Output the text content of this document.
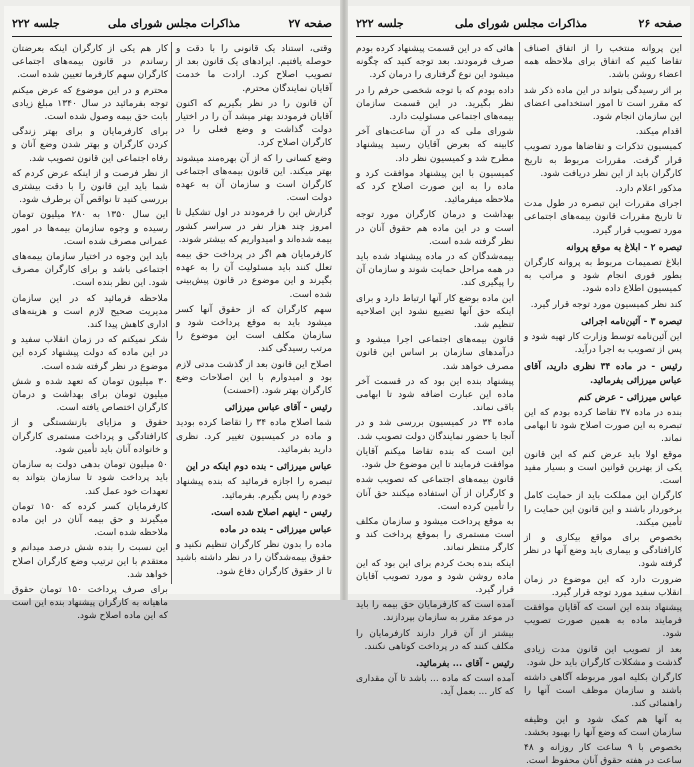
صفحه ۲۷
مذاکرات مجلس شورای ملی
جلسه ۲۲۲

وقتی، استناد یک قانونی را با دقت و حوصله یافتیم. ایرادهای یک قانون بعد از تصویب اصلاح کرد. ارادت ما خدمت آقایان نمایندگان محترم.

آن قانون را در نظر بگیریم که اکنون آقایان فرمودند بهتر میشد آن را در اختیار دولت گذاشت و وضع فعلی را در کارگران اصلاح کرد.

وضع کسانی را که از آن بهره‌مند میشوند بهتر میکند. این قانون بیمه‌های اجتماعی کارگران است و سازمان آن به عهده دولت است.

گزارش این را فرمودند در اول تشکیل تا امروز چند هزار نفر در سراسر کشور بیمه شده‌اند و امیدواریم که بیشتر شوند.

کارفرمایان هم اگر در پرداخت حق بیمه تعلل کنند باید مسئولیت آن را به عهده بگیرند و این موضوع در قانون پیش‌بینی شده است.

سهم کارگران که از حقوق آنها کسر میشود باید به موقع پرداخت شود و سازمان مکلف است این موضوع را مرتب رسیدگی کند.

اصلاح این قانون بعد از گذشت مدتی لازم بود و امیدوارم با این اصلاحات وضع کارگران بهتر شود. (احسنت)

رئیس - آقای عباس میرزائی

شما اصلاح ماده ۳۴ را تقاضا کرده بودید و ماده در کمیسیون تغییر کرد. نظری دارید بفرمائید.

عباس میرزائی - بنده دوم اینکه در این

تبصره را اجازه فرمائید که بنده پیشنهاد خودم را پس بگیرم. بفرمائید.

رئیس - اینهم اصلاح شده است.

عباس میرزائی - بنده در ماده

ماده را بدون نظر کارگران تنظیم نکنید و حقوق بیمه‌شدگان را در نظر داشته باشید تا از حقوق کارگران دفاع شود.

کار هم یکی از کارگران اینکه بعرضتان رساندم در قانون بیمه‌های اجتماعی کارگران سهم کارفرما تعیین شده است.

محترم و در این موضوع که عرض میکنم توجه بفرمائید در سال ۱۳۴۰ مبلغ زیادی بابت حق بیمه وصول شده است.

برای کارفرمایان و برای بهتر زندگی کردن کارگران و بهتر شدن وضع آنان و رفاه اجتماعی این قانون تصویب شد.

از نظر فرصت و از اینکه عرض کردم که شما باید این قانون را با دقت بیشتری بررسی کنید تا نواقص آن برطرف شود.

این سال ۱۳۵۰ به ۲۸۰ میلیون تومان رسیده و وجوه سازمان بیمه‌ها در امور عمرانی مصرف شده است.

باید این وجوه در اختیار سازمان بیمه‌های اجتماعی باشد و برای کارگران مصرف شود. این نظر بنده است.

ملاحظه فرمائید که در این سازمان مدیریت صحیح لازم است و هزینه‌های اداری کاهش پیدا کند.

شکر نمیکنم که در زمان انقلاب سفید و در این ماده که دولت پیشنهاد کرده این موضوع در نظر گرفته شده است.

۳۰ میلیون تومان که تعهد شده و شش میلیون تومان برای بهداشت و درمان کارگران اختصاص یافته است.

حقوق و مزایای بازنشستگی و از کارافتادگی و پرداخت مستمری کارگران و خانواده آنان باید تأمین شود.

۵۰ میلیون تومان بدهی دولت به سازمان باید پرداخت شود تا سازمان بتواند به تعهدات خود عمل کند.

کارفرمایان کسر کرده که ۱۵۰ تومان میگیرند و حق بیمه آنان در این ماده ملاحظه شده است.

این نسبت را بنده شش درصد میدانم و معتقدم با این ترتیب وضع کارگران اصلاح خواهد شد.

برای صرف پرداخت ۱۵۰ تومان حقوق ماهیانه به کارگران پیشنهاد بنده این است که این ماده اصلاح شود.

صفحه ۲۶
مذاکرات مجلس شورای ملی
جلسه ۲۲۲

این پروانه منتخب را از اتفاق اصناف تقاضا کنیم که اتفاق برای ملاحظه همه اعضاء روشن باشد.

بر اثر رسیدگی بتواند در این ماده ذکر شد که مقرر است تا امور استخدامی اعضای این سازمان انجام شود.

اقدام میکند.

کمیسیون تذکرات و تقاضاها مورد تصویب قرار گرفت. مقررات مربوط به تاریخ کارگران باید از این نظر دریافت شود.

مذکور اعلام دارد.

اجرای مقررات این تبصره در طول مدت تا تاریخ مقررات قانون بیمه‌های اجتماعی مورد تصویب قرار گیرد.

تبصره ۲ - ابلاغ به موقع پروانه

ابلاغ تصمیمات مربوط به پروانه کارگران بطور فوری انجام شود و مراتب به کمیسیون اطلاع داده شود.

کند نظر کمیسیون مورد توجه قرار گیرد.

تبصره ۳ - آئین‌نامه اجرائی

این آئین‌نامه توسط وزارت کار تهیه شود و پس از تصویب به اجرا درآید.

رئیس - در ماده ۳۴ نظری دارید، آقای عباس میرزائی بفرمائید.

عباس میرزائی - عرض کنم

بنده در ماده ۳۷ تقاضا کرده بودم که این تبصره به این صورت اصلاح شود تا ابهامی نماند.

موقع اولا باید عرض کنم که این قانون یکی از بهترین قوانین است و بسیار مفید است.

کارگران این مملکت باید از حمایت کامل برخوردار باشند و این قانون این حمایت را تأمین میکند.

بخصوص برای مواقع بیکاری و از کارافتادگی و بیماری باید وضع آنها در نظر گرفته شود.

ضرورت دارد که این موضوع در زمان انقلاب سفید مورد توجه قرار گیرد.

پیشنهاد بنده این است که آقایان موافقت فرمایند ماده به همین صورت تصویب شود.

بعد از تصویب این قانون مدت زیادی گذشت و مشکلات کارگران باید حل شود.

کارگران بکلیه امور مربوطه آگاهی داشته باشند و سازمان موظف است آنها را راهنمائی کند.

به آنها هم کمک شود و این وظیفه سازمان است که وضع آنها را بهبود بخشد.

بخصوص با ۹ ساعت کار روزانه و ۴۸ ساعت در هفته حقوق آنان محفوظ است.

هائی که در این قسمت پیشنهاد کرده بودم صرف فرمودند. بعد توجه کنید که چگونه میشود این نوع گرفتاری را درمان کرد.

داده بودم که با توجه شخصی حرفم را در نظر بگیرید. در این قسمت سازمان بیمه‌های اجتماعی مسئولیت دارد.

شورای ملی که در آن ساعت‌های آخر کابینه که بعرض آقایان رسید پیشنهاد مطرح شد و کمیسیون نظر داد.

کمیسیون با این پیشنهاد موافقت کرد و ماده را به این صورت اصلاح کرد که ملاحظه میفرمائید.

بهداشت و درمان کارگران مورد توجه است و در این ماده هم حقوق آنان در نظر گرفته شده است.

بیمه‌شدگان که در ماده پیشنهاد شده باید در همه مراحل حمایت شوند و سازمان آن را پیگیری کند.

این ماده بوضع کار آنها ارتباط دارد و برای اینکه حق آنها تضییع نشود این اصلاحیه تنظیم شد.

قانون بیمه‌های اجتماعی اجرا میشود و درآمدهای سازمان بر اساس این قانون مصرف خواهد شد.

پیشنهاد بنده این بود که در قسمت آخر ماده این عبارت اضافه شود تا ابهامی باقی نماند.

ماده ۳۴ در کمیسیون بررسی شد و در آنجا با حضور نمایندگان دولت تصویب شد.

این است که بنده تقاضا میکنم آقایان موافقت فرمایند تا این موضوع حل شود.

قانون بیمه‌های اجتماعی که تصویب شده و کارگران از آن استفاده میکنند حق آنان را تأمین کرده است.

به موقع پرداخت میشود و سازمان مکلف است مستمری را بموقع پرداخت کند و کارگر منتظر نماند.

اینکه بنده بحث کردم برای این بود که این ماده روشن شود و مورد تصویب آقایان قرار گیرد.

آمده است که کارفرمایان حق بیمه را باید در موعد مقرر به سازمان بپردازند.

بیشتر از آن قرار دارند کارفرمایان را مکلف کنند که در پرداخت کوتاهی نکنند.

رئیس - آقای ... بفرمائید.

آمده است که ماده ... باشد تا آن مقداری که کار ... بعمل آید.
